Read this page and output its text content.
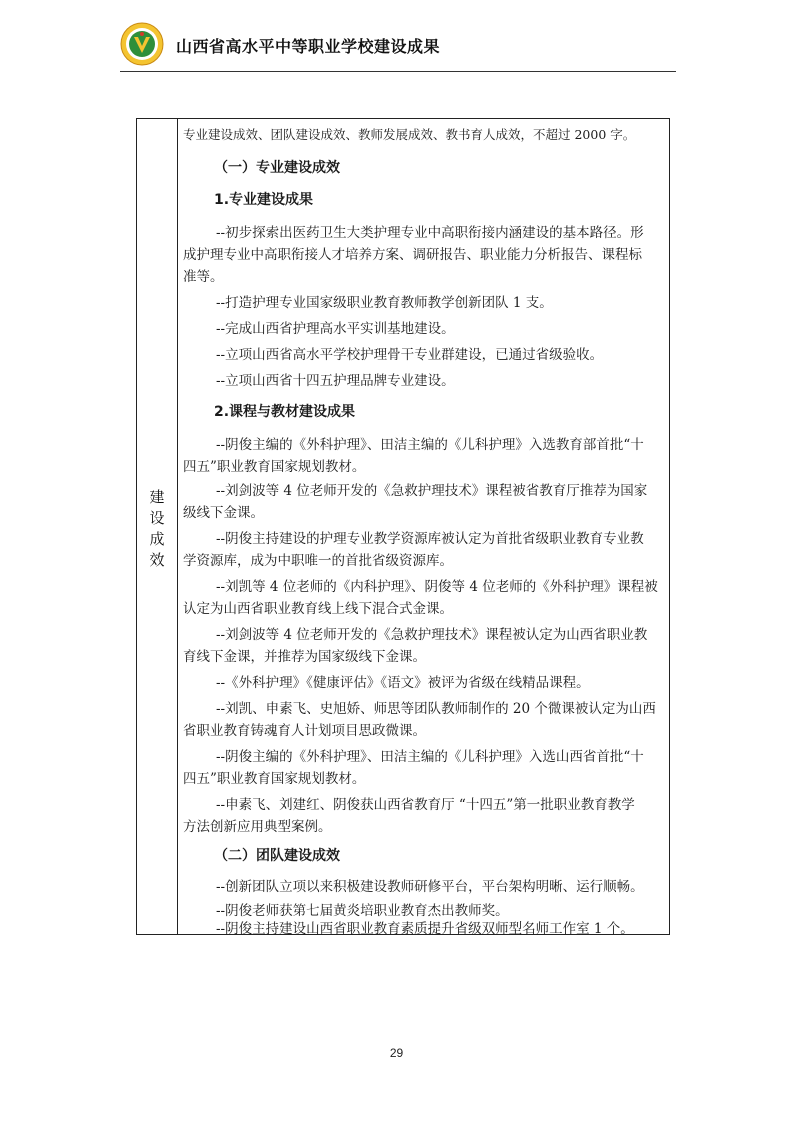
山西省高水平中等职业学校建设成果
建
设
成
效
专业建设成效、团队建设成效、教师发展成效、教书育人成效，不超过 2000 字。
（一）专业建设成效
1.专业建设成果
--初步探索出医药卫生大类护理专业中高职衔接内涵建设的基本路径。形
成护理专业中高职衔接人才培养方案、调研报告、职业能力分析报告、课程标
准等。
--打造护理专业国家级职业教育教师教学创新团队 1 支。
--完成山西省护理高水平实训基地建设。
--立项山西省高水平学校护理骨干专业群建设，已通过省级验收。
--立项山西省十四五护理品牌专业建设。
2.课程与教材建设成果
--阴俊主编的《外科护理》、田洁主编的《儿科护理》入选教育部首批“十
四五”职业教育国家规划教材。
--刘剑波等 4 位老师开发的《急救护理技术》课程被省教育厅推荐为国家
级线下金课。
--阴俊主持建设的护理专业教学资源库被认定为首批省级职业教育专业教
学资源库，成为中职唯一的首批省级资源库。
--刘凯等 4 位老师的《内科护理》、阴俊等 4 位老师的《外科护理》课程被
认定为山西省职业教育线上线下混合式金课。
--刘剑波等 4 位老师开发的《急救护理技术》课程被认定为山西省职业教
育线下金课，并推荐为国家级线下金课。
--《外科护理》《健康评估》《语文》被评为省级在线精品课程。
--刘凯、申素飞、史旭娇、师思等团队教师制作的 20 个微课被认定为山西
省职业教育铸魂育人计划项目思政微课。
--阴俊主编的《外科护理》、田洁主编的《儿科护理》入选山西省首批“十
四五”职业教育国家规划教材。
--申素飞、刘建红、阴俊获山西省教育厅 “十四五”第一批职业教育教学
方法创新应用典型案例。
（二）团队建设成效
--创新团队立项以来积极建设教师研修平台，平台架构明晰、运行顺畅。
--阴俊老师获第七届黄炎培职业教育杰出教师奖。
--阴俊主持建设山西省职业教育素质提升省级双师型名师工作室 1 个。
29
